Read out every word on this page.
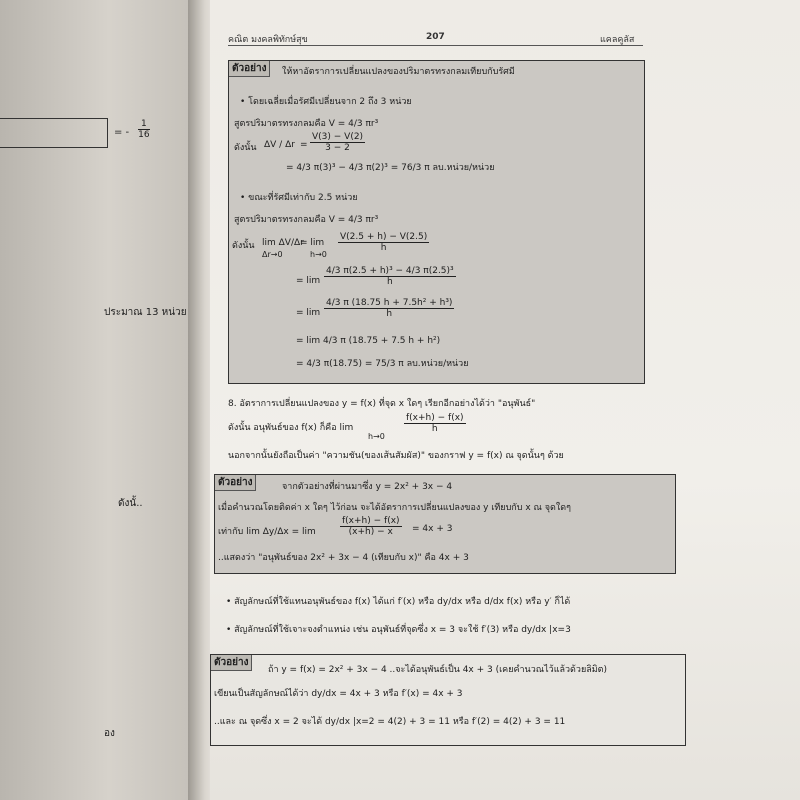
= -
1
16
ประมาณ 13 หน่วย
ดังนั้..
อง
คณิต มงคลพิทักษ์สุข	207	แคลคูลัส
ตัวอย่าง	ให้หาอัตราการเปลี่ยนแปลงของปริมาตรทรงกลมเทียบกับรัศมี
• โดยเฉลี่ยเมื่อรัศมีเปลี่ยนจาก 2 ถึง 3 หน่วย
สูตรปริมาตรทรงกลมคือ V = 4/3 πr³
ดังนั้น ΔV / Δr =
V(3) − V(2)
3 − 2
= 4/3 π(3)³ − 4/3 π(2)³ = 76/3 π ลบ.หน่วย/หน่วย
• ขณะที่รัศมีเท่ากับ 2.5 หน่วย
สูตรปริมาตรทรงกลมคือ V = 4/3 πr³
ดังนั้น lim ΔV/Δr
Δr→0
= lim
h→0
V(2.5 + h) − V(2.5)
h
= lim
4/3 π(2.5 + h)³ − 4/3 π(2.5)³
h
= lim
4/3 π (18.75 h + 7.5h² + h³)
h
= lim 4/3 π (18.75 + 7.5 h + h²)
= 4/3 π(18.75) = 75/3 π ลบ.หน่วย/หน่วย
8. อัตราการเปลี่ยนแปลงของ y = f(x) ที่จุด x ใดๆ เรียกอีกอย่างได้ว่า "อนุพันธ์"
ดังนั้น อนุพันธ์ของ f(x) ก็คือ lim
h→0
f(x+h) − f(x)
h
นอกจากนั้นยังถือเป็นค่า "ความชัน(ของเส้นสัมผัส)" ของกราฟ y = f(x) ณ จุดนั้นๆ ด้วย
ตัวอย่าง	จากตัวอย่างที่ผ่านมาซึ่ง y = 2x² + 3x − 4
เมื่อคำนวณโดยติดค่า x ใดๆ ไว้ก่อน จะได้อัตราการเปลี่ยนแปลงของ y เทียบกับ x ณ จุดใดๆ
เท่ากับ lim Δy/Δx = lim
f(x+h) − f(x)
(x+h) − x	= 4x + 3
..แสดงว่า "อนุพันธ์ของ 2x² + 3x − 4 (เทียบกับ x)" คือ 4x + 3
• สัญลักษณ์ที่ใช้แทนอนุพันธ์ของ f(x) ได้แก่ f′(x) หรือ dy/dx หรือ d/dx f(x) หรือ y′ ก็ได้
• สัญลักษณ์ที่ใช้เจาะจงตำแหน่ง เช่น อนุพันธ์ที่จุดซึ่ง x = 3 จะใช้ f′(3) หรือ dy/dx |x=3
ตัวอย่าง
ถ้า y = f(x) = 2x² + 3x − 4 ..จะได้อนุพันธ์เป็น 4x + 3 (เคยคำนวณไว้แล้วด้วยลิมิต)
เขียนเป็นสัญลักษณ์ได้ว่า dy/dx = 4x + 3 หรือ f′(x) = 4x + 3
..และ ณ จุดซึ่ง x = 2 จะได้ dy/dx |x=2 = 4(2) + 3 = 11 หรือ f′(2) = 4(2) + 3 = 11
